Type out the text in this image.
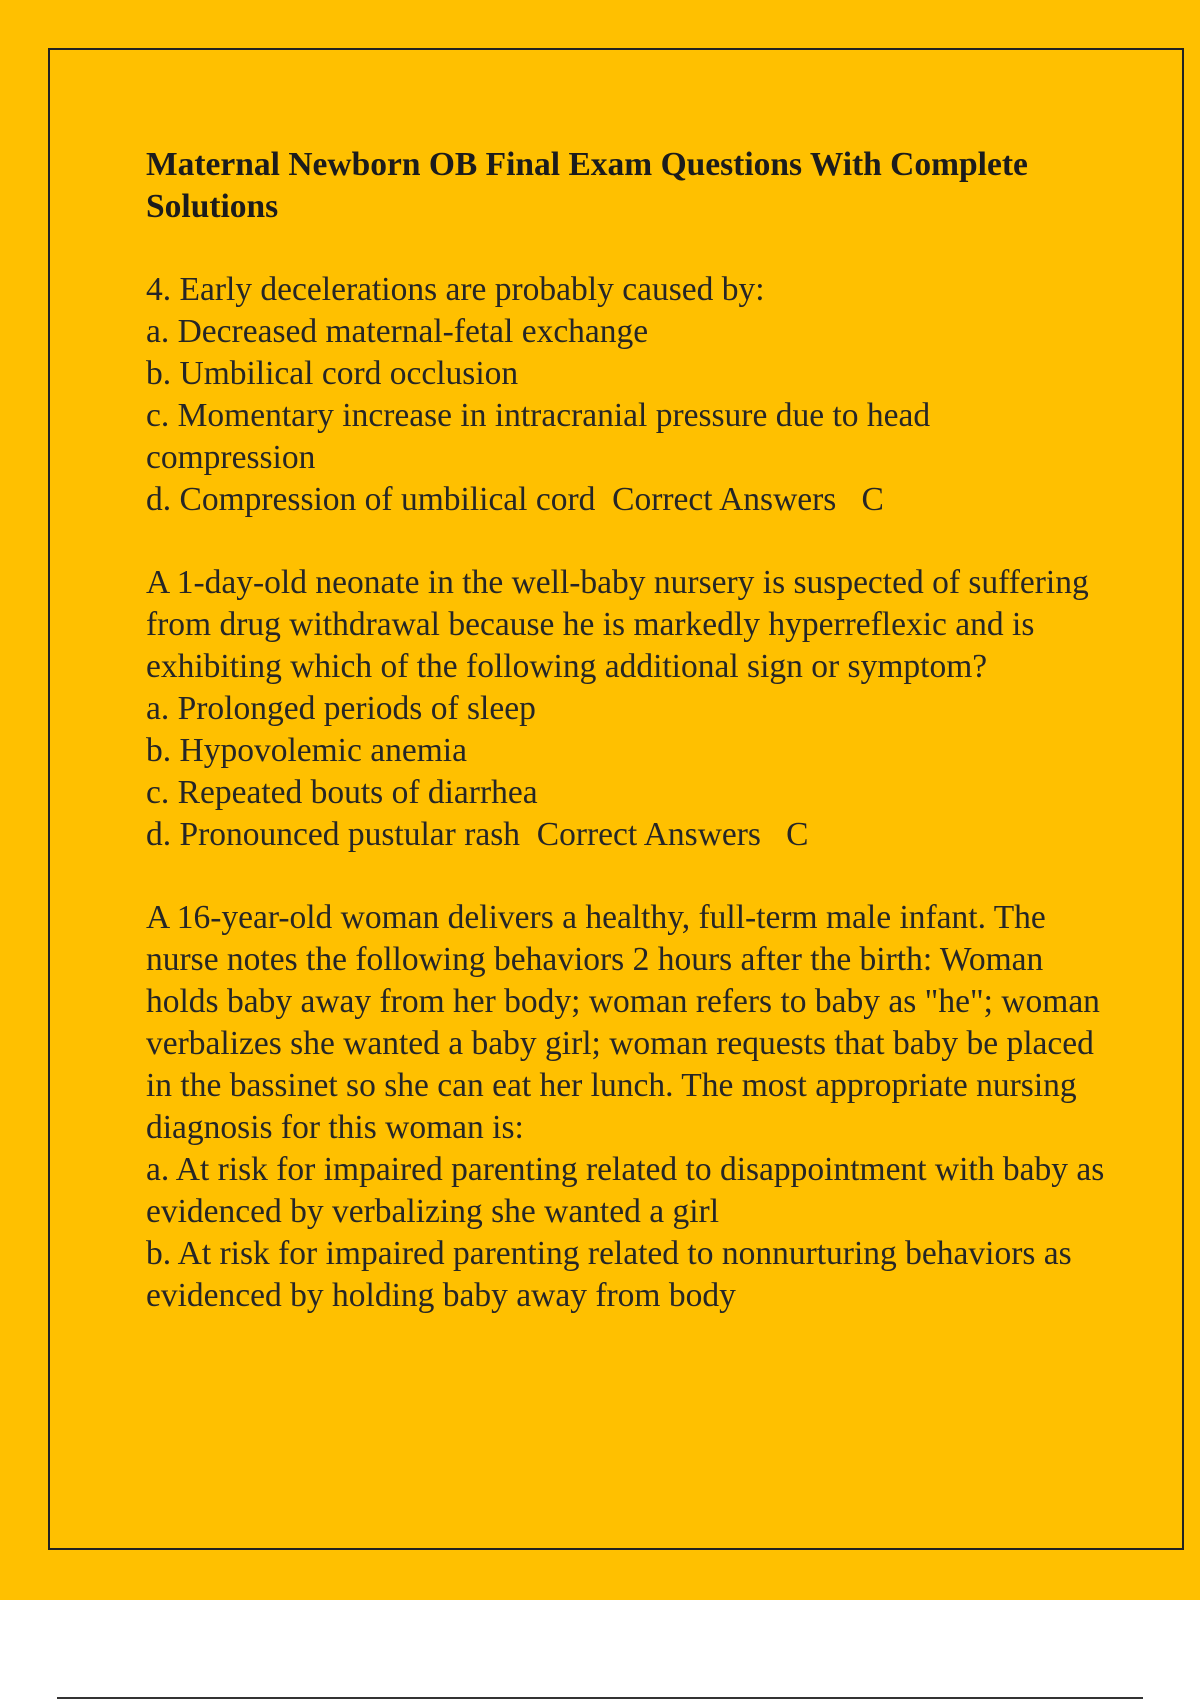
Maternal Newborn OB Final Exam Questions With Complete Solutions

4. Early decelerations are probably caused by:

a. Decreased maternal-fetal exchange

b. Umbilical cord occlusion

c. Momentary increase in intracranial pressure due to head compression

d. Compression of umbilical cord  Correct Answers   C

A 1-day-old neonate in the well-baby nursery is suspected of suffering from drug withdrawal because he is markedly hyperreflexic and is exhibiting which of the following additional sign or symptom?

a. Prolonged periods of sleep

b. Hypovolemic anemia

c. Repeated bouts of diarrhea

d. Pronounced pustular rash  Correct Answers   C

A 16-year-old woman delivers a healthy, full-term male infant. The nurse notes the following behaviors 2 hours after the birth: Woman holds baby away from her body; woman refers to baby as "he"; woman verbalizes she wanted a baby girl; woman requests that baby be placed in the bassinet so she can eat her lunch. The most appropriate nursing diagnosis for this woman is:

a. At risk for impaired parenting related to disappointment with baby as evidenced by verbalizing she wanted a girl

b. At risk for impaired parenting related to nonnurturing behaviors as evidenced by holding baby away from body
